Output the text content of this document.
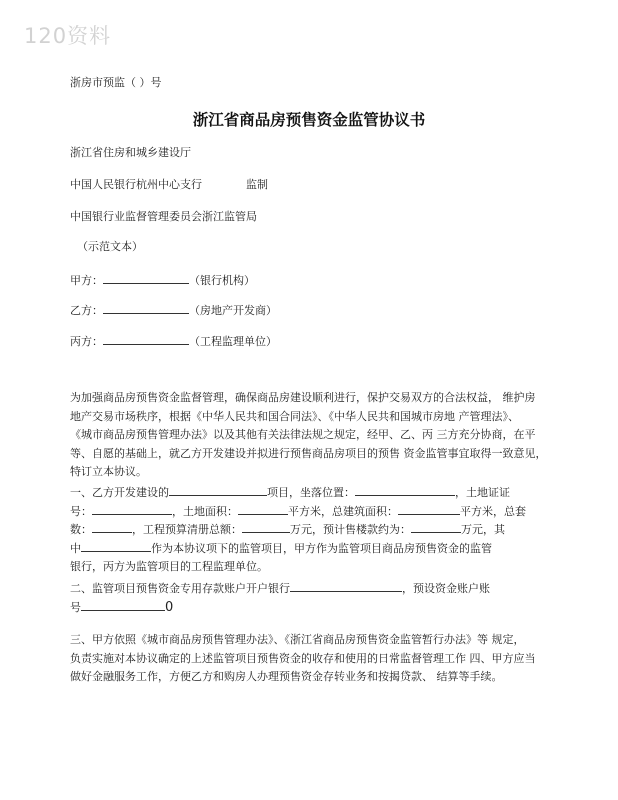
120资料
浙房市预监（ ）号
浙江省商品房预售资金监管协议书
浙江省住房和城乡建设厅
中国人民银行杭州中心支行	监制
中国银行业监督管理委员会浙江监管局
（示范文本）
甲方：	（银行机构）
乙方：	（房地产开发商）
丙方：	（工程监理单位）
为加强商品房预售资金监督管理，确保商品房建设顺利进行，保护交易双方的合法权益， 维护房
地产交易市场秩序，根据《中华人民共和国合同法》、《中华人民共和国城市房地 产管理法》、
《城市商品房预售管理办法》以及其他有关法律法规之规定，经甲、乙、丙 三方充分协商，在平
等、自愿的基础上，就乙方开发建设并拟进行预售商品房项目的预售 资金监管事宜取得一致意见，
特订立本协议。
一、乙方开发建设的	项目，坐落位置：	，土地证证
号：	，土地面积：	平方米，总建筑面积：	平方米，总套
数：	，工程预算清册总额：	万元，预计售楼款约为：	万元，其
中	作为本协议项下的监管项目，甲方作为监管项目商品房预售资金的监管
银行，丙方为监管项目的工程监理单位。
二、监管项目预售资金专用存款账户开户银行	，预设资金账户账
号	0
三、甲方依照《城市商品房预售管理办法》、《浙江省商品房预售资金监管暂行办法》等 规定，
负责实施对本协议确定的上述监管项目预售资金的收存和使用的日常监督管理工作 四、甲方应当
做好金融服务工作，方便乙方和购房人办理预售资金存转业务和按揭贷款、 结算等手续。
